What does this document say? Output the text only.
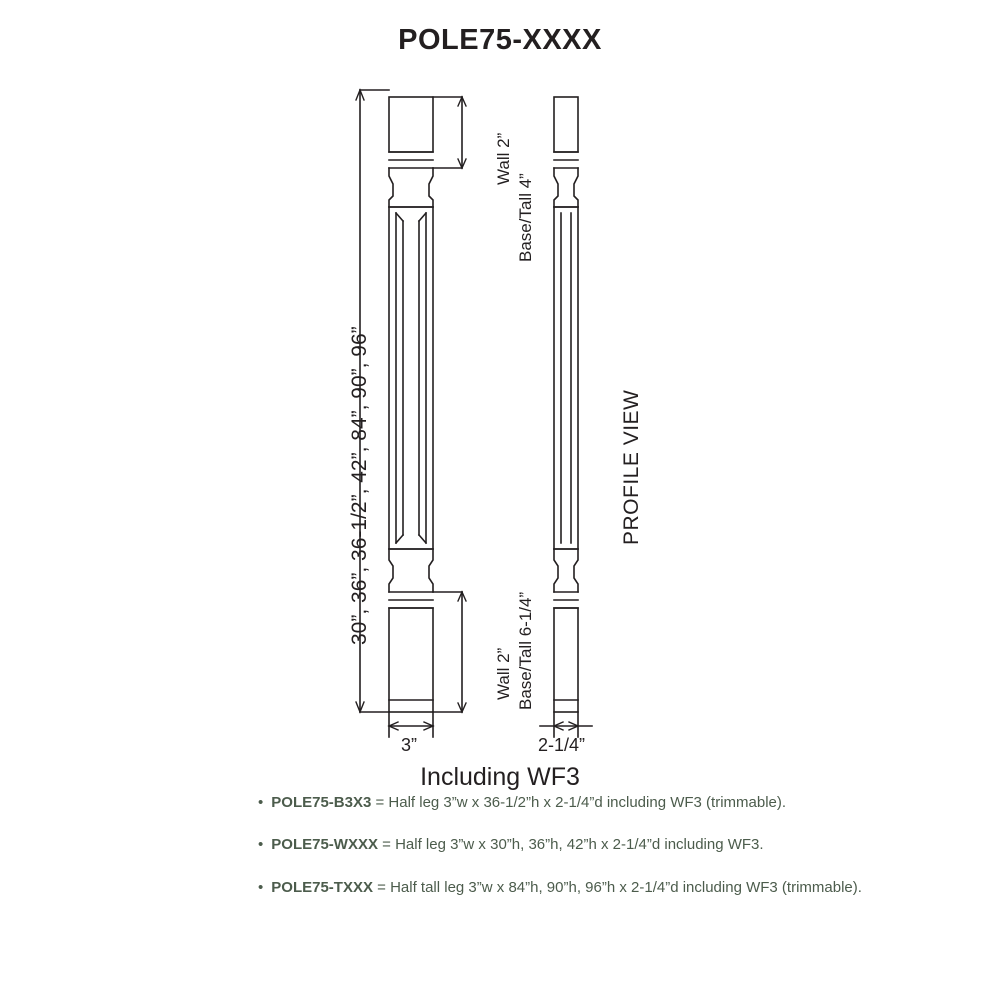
POLE75-XXXX
30”, 36”, 36-1/2”, 42”, 84”, 90”, 96”
Wall 2”
Base/Tall 4”
Wall 2” Base/Tall 6-1/4”
PROFILE VIEW
3”	2-1/4”
Including WF3
• POLE75-B3X3 = Half leg 3”w x 36-1/2”h x 2-1/4”d including WF3 (trimmable).
• POLE75-WXXX = Half leg 3”w x 30”h, 36”h, 42”h x 2-1/4”d including WF3.
• POLE75-TXXX = Half tall leg 3”w x 84”h, 90”h, 96”h x 2-1/4”d including WF3 (trimmable).
